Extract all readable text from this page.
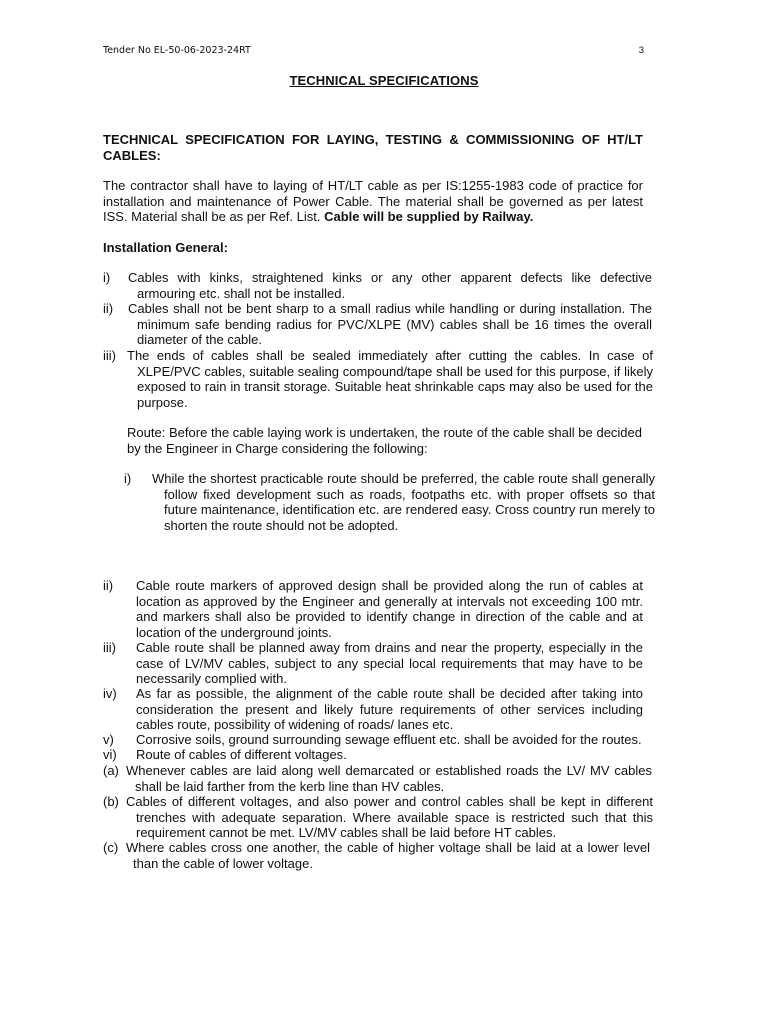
Tender No EL-50-06-2023-24RT	3
TECHNICAL SPECIFICATIONS
TECHNICAL SPECIFICATION FOR LAYING, TESTING & COMMISSIONING OF HT/LT CABLES:
The contractor shall have to laying of HT/LT cable as per IS:1255-1983 code of practice for installation and maintenance of Power Cable. The material shall be governed as per latest ISS. Material shall be as per Ref. List. Cable will be supplied by Railway.
Installation General:
i) Cables with kinks, straightened kinks or any other apparent defects like defective armouring etc. shall not be installed.
ii) Cables shall not be bent sharp to a small radius while handling or during installation. The minimum safe bending radius for PVC/XLPE (MV) cables shall be 16 times the overall diameter of the cable.
iii) The ends of cables shall be sealed immediately after cutting the cables. In case of XLPE/PVC cables, suitable sealing compound/tape shall be used for this purpose, if likely exposed to rain in transit storage. Suitable heat shrinkable caps may also be used for the purpose.
Route: Before the cable laying work is undertaken, the route of the cable shall be decided by the Engineer in Charge considering the following:
i) While the shortest practicable route should be preferred, the cable route shall generally follow fixed development such as roads, footpaths etc. with proper offsets so that future maintenance, identification etc. are rendered easy. Cross country run merely to shorten the route should not be adopted.
ii) Cable route markers of approved design shall be provided along the run of cables at location as approved by the Engineer and generally at intervals not exceeding 100 mtr. and markers shall also be provided to identify change in direction of the cable and at location of the underground joints.
iii) Cable route shall be planned away from drains and near the property, especially in the case of LV/MV cables, subject to any special local requirements that may have to be necessarily complied with.
iv) As far as possible, the alignment of the cable route shall be decided after taking into consideration the present and likely future requirements of other services including cables route, possibility of widening of roads/ lanes etc.
v) Corrosive soils, ground surrounding sewage effluent etc. shall be avoided for the routes.
vi) Route of cables of different voltages.
(a) Whenever cables are laid along well demarcated or established roads the LV/ MV cables shall be laid farther from the kerb line than HV cables.
(b) Cables of different voltages, and also power and control cables shall be kept in different trenches with adequate separation. Where available space is restricted such that this requirement cannot be met. LV/MV cables shall be laid before HT cables.
(c) Where cables cross one another, the cable of higher voltage shall be laid at a lower level than the cable of lower voltage.
